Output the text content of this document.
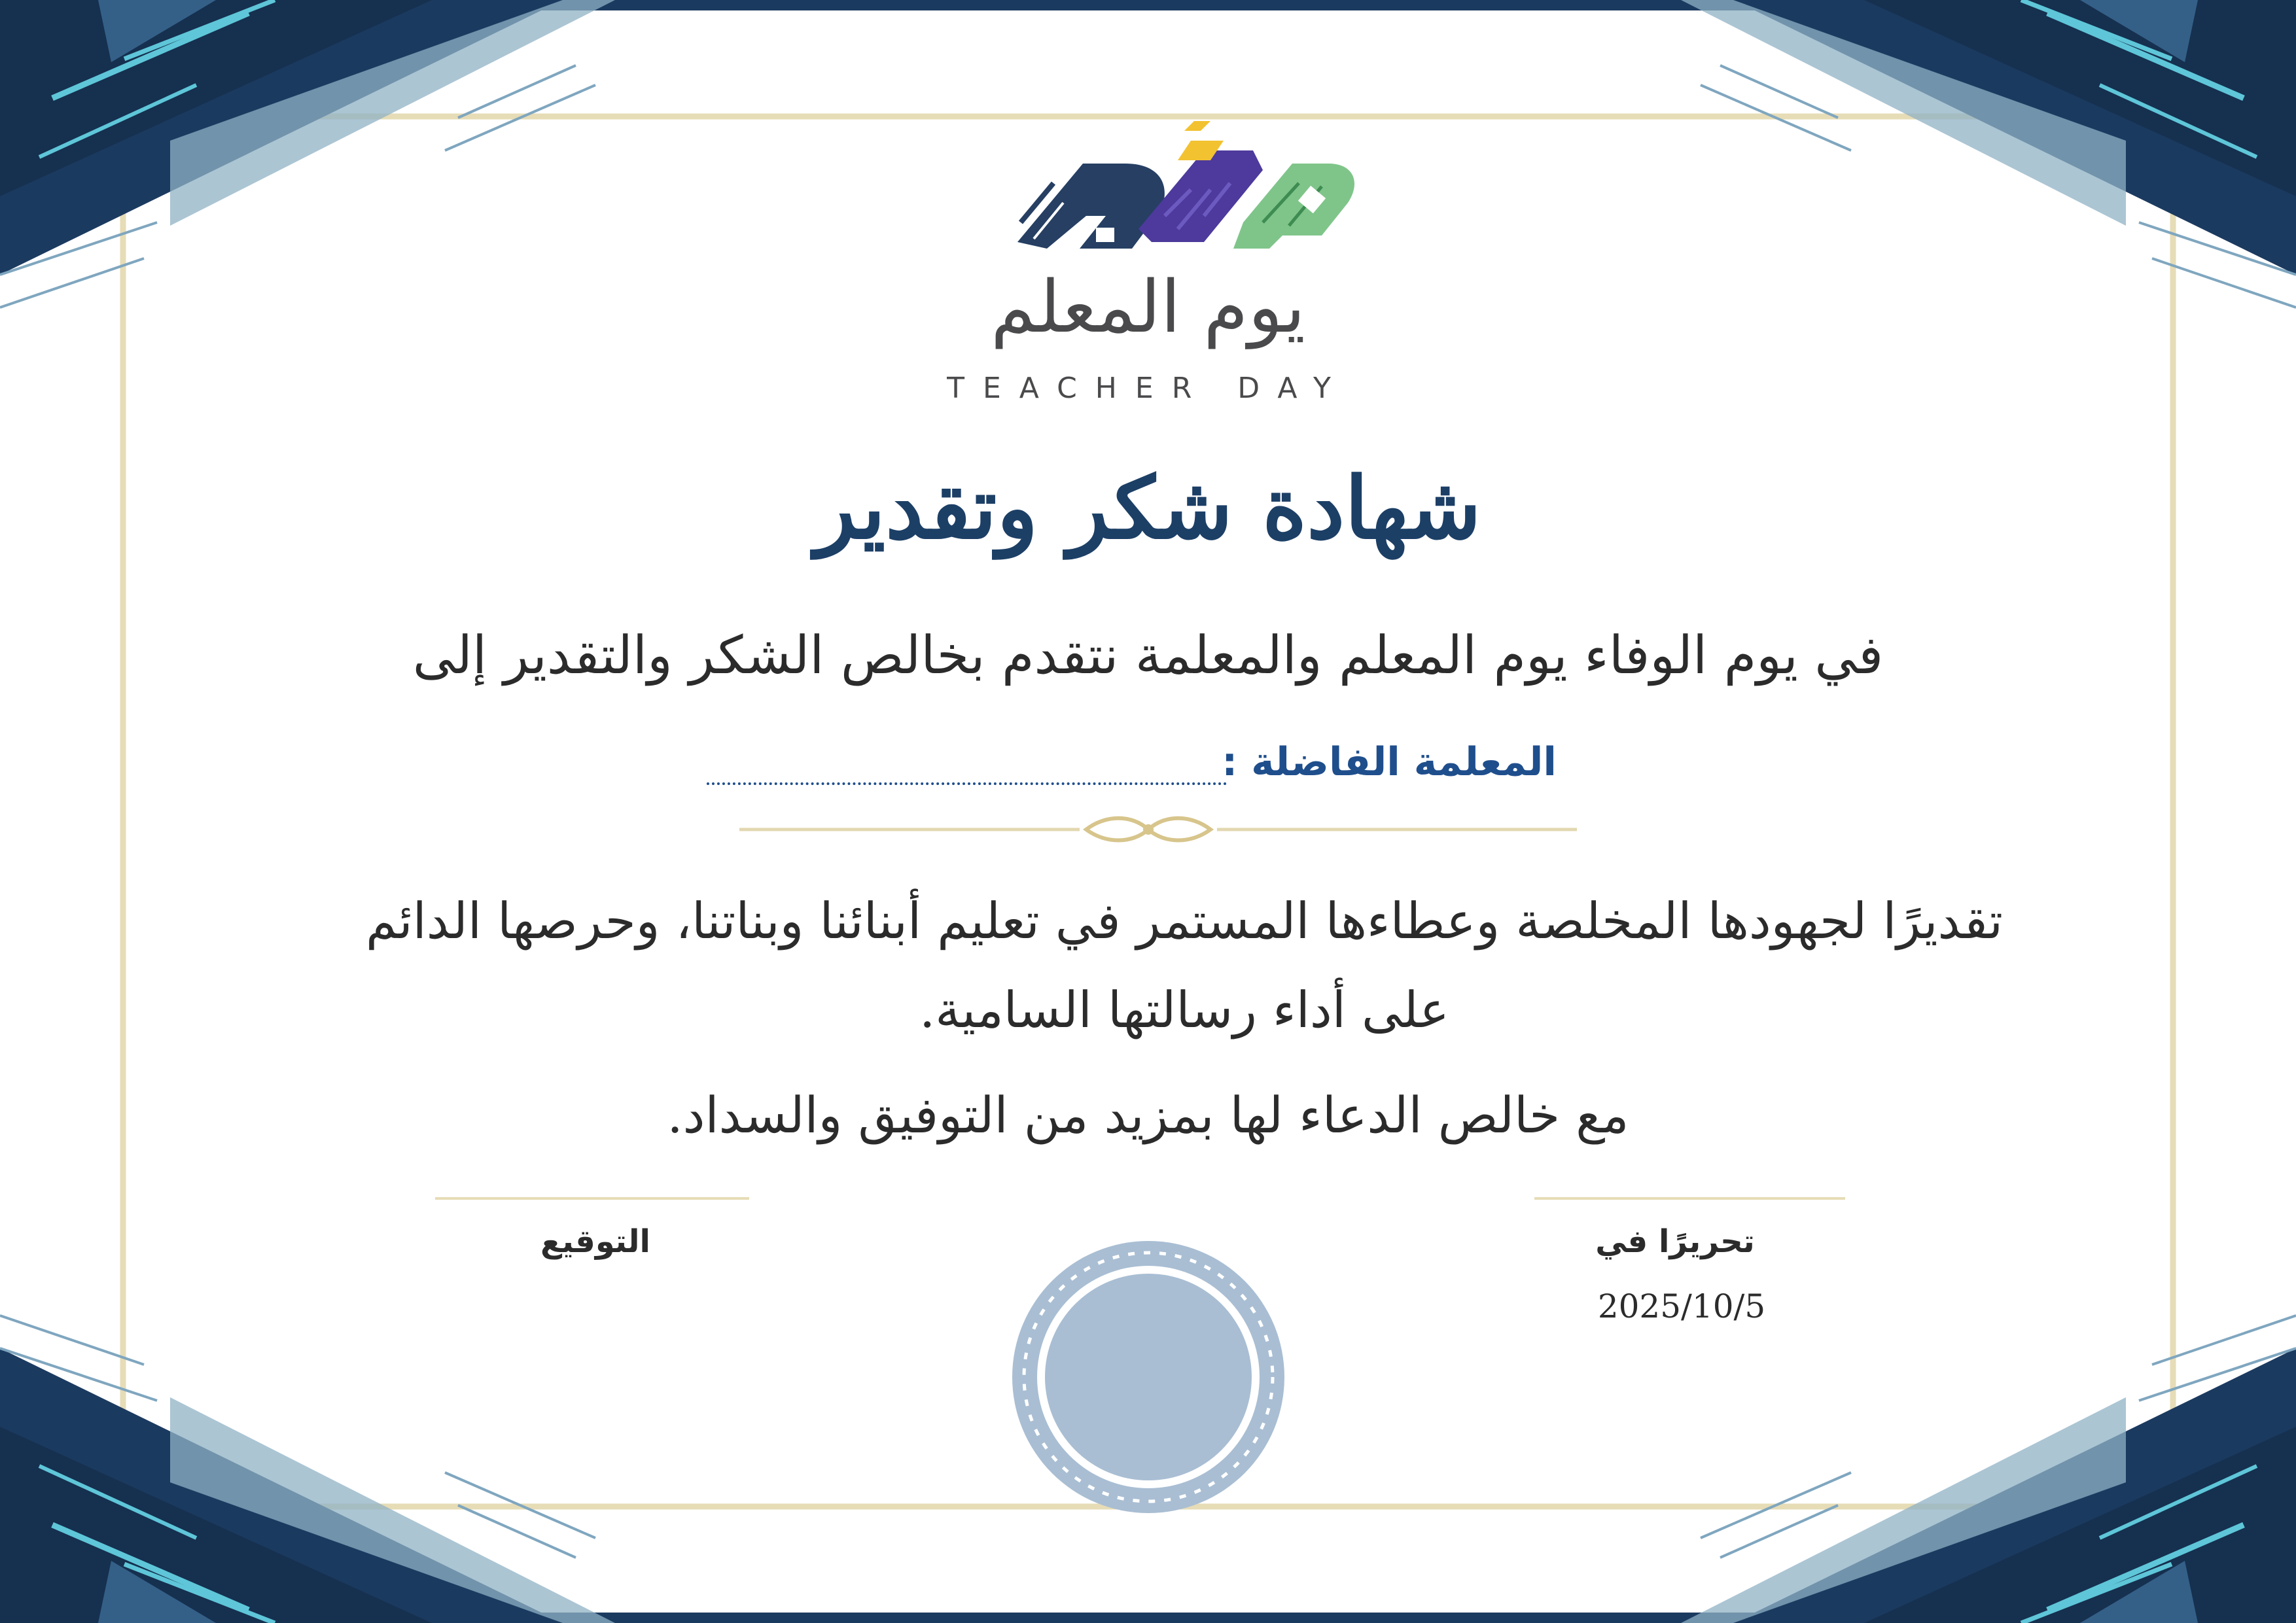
يوم المعلم
TEACHER DAY
شهادة شكر وتقدير
في يوم الوفاء يوم المعلم والمعلمة نتقدم بخالص الشكر والتقدير إلى
المعلمة الفاضلة :
تقديرًا لجهودها المخلصة وعطاءها المستمر في تعليم أبنائنا وبناتنا، وحرصها الدائم على أداء رسالتها السامية.
مع خالص الدعاء لها بمزيد من التوفيق والسداد.
تحريرًا في
2025/10/5
التوقيع
